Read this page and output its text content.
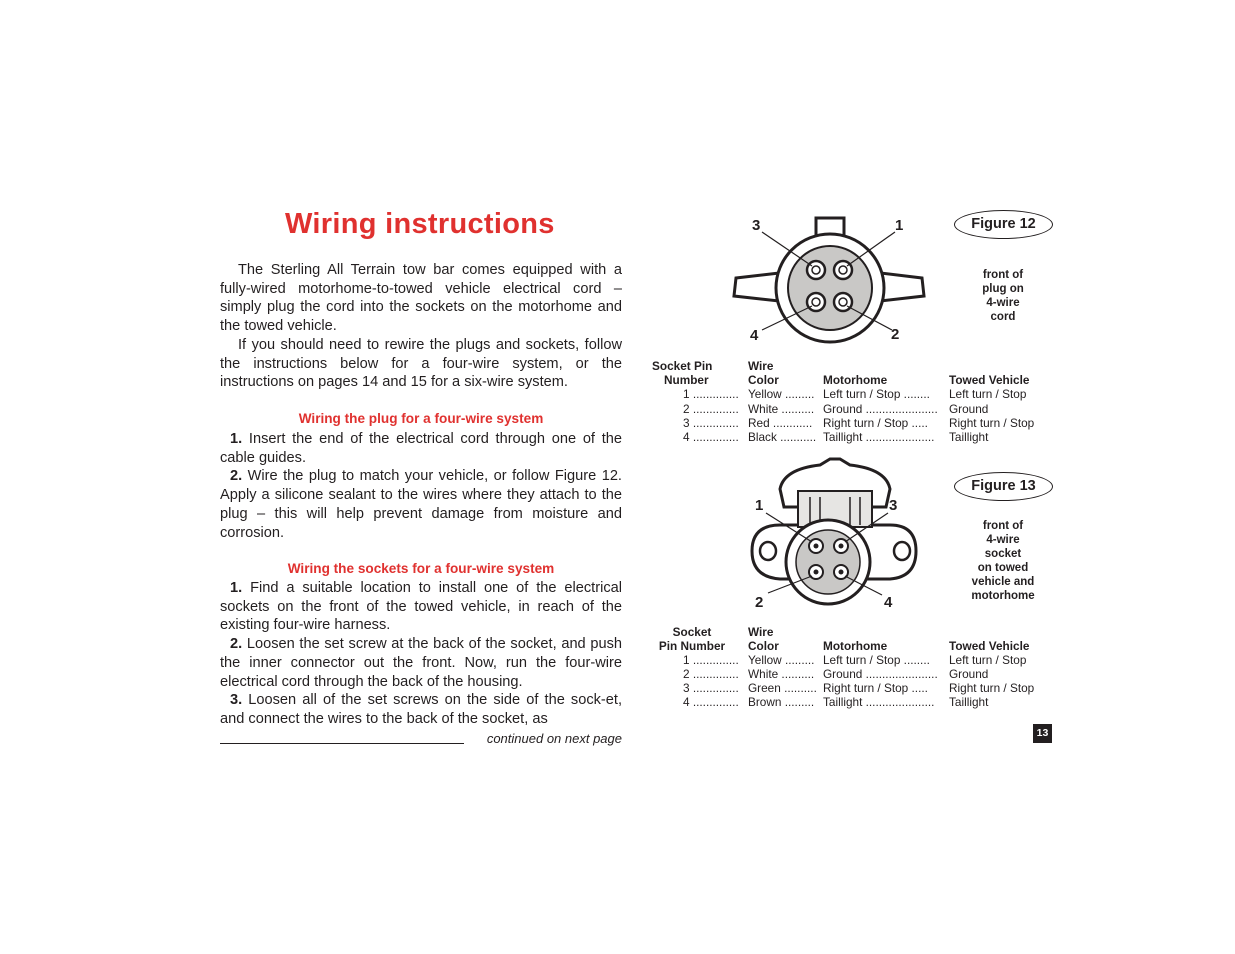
Wiring instructions

The Sterling All Terrain tow bar comes equipped with a fully-wired motorhome-to-towed vehicle electrical cord – simply plug the cord into the sockets on the motorhome and the towed vehicle.

If you should need to rewire the plugs and sockets, follow the instructions below for a four-wire system, or the instructions on pages 14 and 15 for a six-wire system.

Wiring the plug for a four-wire system

1. Insert the end of the electrical cord through one of the cable guides.

2. Wire the plug to match your vehicle, or follow Figure 12. Apply a silicone sealant to the wires where they attach to the plug – this will help prevent damage from moisture and corrosion.

Wiring the sockets for a four-wire system

1. Find a suitable location to install one of the electrical sockets on the front of the towed vehicle, in reach of the existing four-wire harness.

2. Loosen the set screw at the back of the socket, and push the inner connector out the front. Now, run the four-wire electrical cord through the back of the housing.

3. Loosen all of the set screws on the side of the sock-et, and connect the wires to the back of the socket, as

continued on next page
3	1
4	2
Figure 12
front of
plug on
4-wire
cord
Socket Pin
Number
Wire
Color	Motorhome	Towed Vehicle
1 .............. Yellow ......... Left turn / Stop ........ Left turn / Stop
2 .............. White .......... Ground ...................... Ground
3 .............. Red ............ Right turn / Stop ..... Right turn / Stop
4 .............. Black ........... Taillight ..................... Taillight
1	3
2	4
Figure 13
front of
4-wire
socket
on towed
vehicle and
motorhome
Socket
Pin Number
Wire
Color	Motorhome	Towed Vehicle
1 .............. Yellow ......... Left turn / Stop ........ Left turn / Stop
2 .............. White .......... Ground ...................... Ground
3 .............. Green .......... Right turn / Stop ..... Right turn / Stop
4 .............. Brown ......... Taillight ..................... Taillight
13
